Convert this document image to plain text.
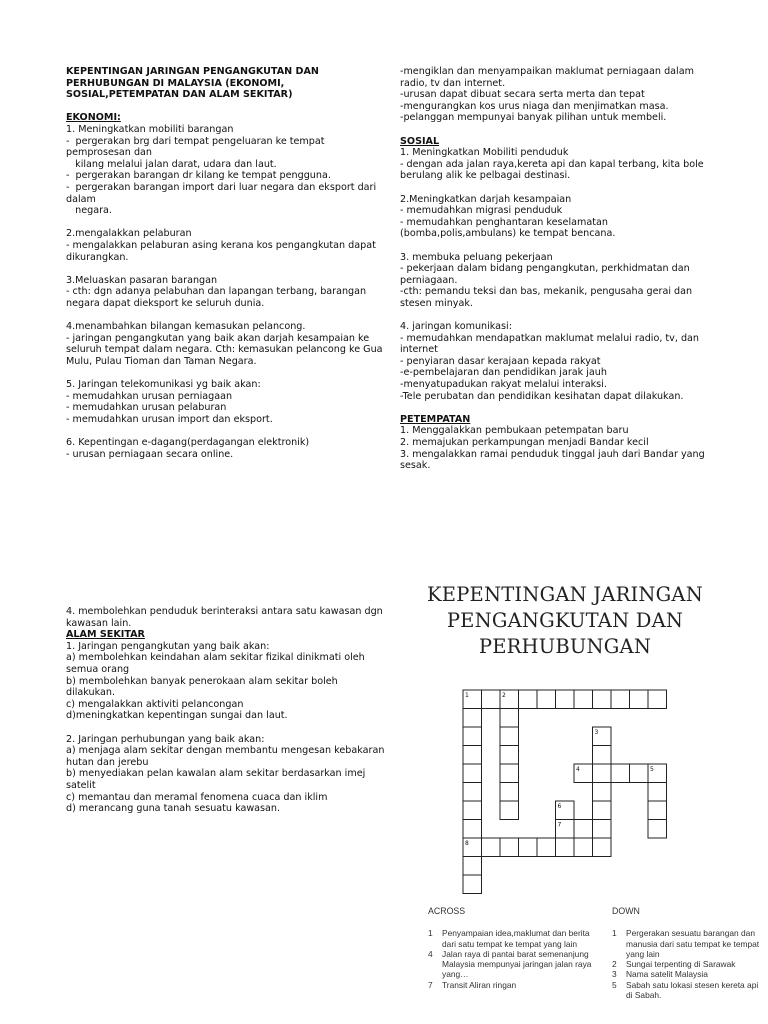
KEPENTINGAN JARINGAN PENGANGKUTAN DAN PERHUBUNGAN DI MALAYSIA (EKONOMI, SOSIAL,PETEMPATAN DAN ALAM SEKITAR)

EKONOMI:

1. Meningkatkan mobiliti barangan

-  pergerakan brg dari tempat pengeluaran ke tempat pemprosesan dan

kilang melalui jalan darat, udara dan laut.

-  pergerakan barangan dr kilang ke tempat pengguna.

-  pergerakan barangan import dari luar negara dan eksport dari dalam

negara.

2.mengalakkan pelaburan

- mengalakkan pelaburan asing kerana kos pengangkutan dapat dikurangkan.

3.Meluaskan pasaran barangan

- cth: dgn adanya pelabuhan dan lapangan terbang, barangan negara dapat dieksport ke seluruh dunia.

4.menambahkan bilangan kemasukan pelancong.

- jaringan pengangkutan yang baik akan darjah kesampaian ke seluruh tempat dalam negara. Cth: kemasukan pelancong ke Gua Mulu, Pulau Tioman dan Taman Negara.

5. Jaringan telekomunikasi yg baik akan:

- memudahkan urusan perniagaan

- memudahkan urusan pelaburan

- memudahkan urusan import dan eksport.

6. Kepentingan e-dagang(perdagangan elektronik)

- urusan perniagaan secara online.

-mengiklan dan menyampaikan maklumat perniagaan dalam radio, tv dan internet.

-urusan dapat dibuat secara serta merta dan tepat

-mengurangkan kos urus niaga dan menjimatkan masa.

-pelanggan mempunyai banyak pilihan untuk membeli.

SOSIAL

1. Meningkatkan Mobiliti penduduk

- dengan ada jalan raya,kereta api dan kapal terbang, kita bole berulang alik ke pelbagai destinasi.

2.Meningkatkan darjah kesampaian

- memudahkan migrasi penduduk

- memudahkan penghantaran keselamatan (bomba,polis,ambulans) ke tempat bencana.

3. membuka peluang pekerjaan

- pekerjaan dalam bidang pengangkutan, perkhidmatan dan perniagaan.

-cth: pemandu teksi dan bas, mekanik, pengusaha gerai dan stesen minyak.

4. jaringan komunikasi:

- memudahkan mendapatkan maklumat melalui radio, tv, dan internet

- penyiaran dasar kerajaan kepada rakyat

-e-pembelajaran dan pendidikan jarak jauh

-menyatupadukan rakyat melalui interaksi.

-Tele perubatan dan pendidikan kesihatan dapat dilakukan.

PETEMPATAN

1. Menggalakkan pembukaan petempatan baru

2. memajukan perkampungan menjadi Bandar kecil

3. mengalakkan ramai penduduk tinggal jauh dari Bandar yang sesak.

4. membolehkan penduduk berinteraksi antara satu kawasan dgn kawasan lain.

ALAM SEKITAR

1. Jaringan pengangkutan yang baik akan:

a) membolehkan keindahan alam sekitar fizikal dinikmati oleh semua orang

b) membolehkan banyak penerokaan alam sekitar boleh dilakukan.

c) mengalakkan aktiviti pelancongan

d)meningkatkan kepentingan sungai dan laut.

2. Jaringan perhubungan yang baik akan:

a) menjaga alam sekitar dengan membantu mengesan kebakaran hutan dan jerebu

b) menyediakan pelan kawalan alam sekitar berdasarkan imej satelit

c) memantau dan meramal fenomena cuaca dan iklim

d) merancang guna tanah sesuatu kawasan.

KEPENTINGAN JARINGAN
PENGANGKUTAN DAN
PERHUBUNGAN
1	2
3
4	5
6
7
8
ACROSS
1	Penyampaian idea,maklumat dan berita dari satu tempat ke tempat yang lain
4	Jalan raya di pantai barat semenanjung Malaysia mempunyai jaringan jalan raya yang…
7	Transit Aliran ringan
DOWN
1	Pergerakan sesuatu barangan dan manusia dari satu tempat ke tempat yang lain
2	Sungai terpenting di Sarawak
3	Nama satelit Malaysia
5	Sabah satu lokasi stesen kereta api di Sabah.
